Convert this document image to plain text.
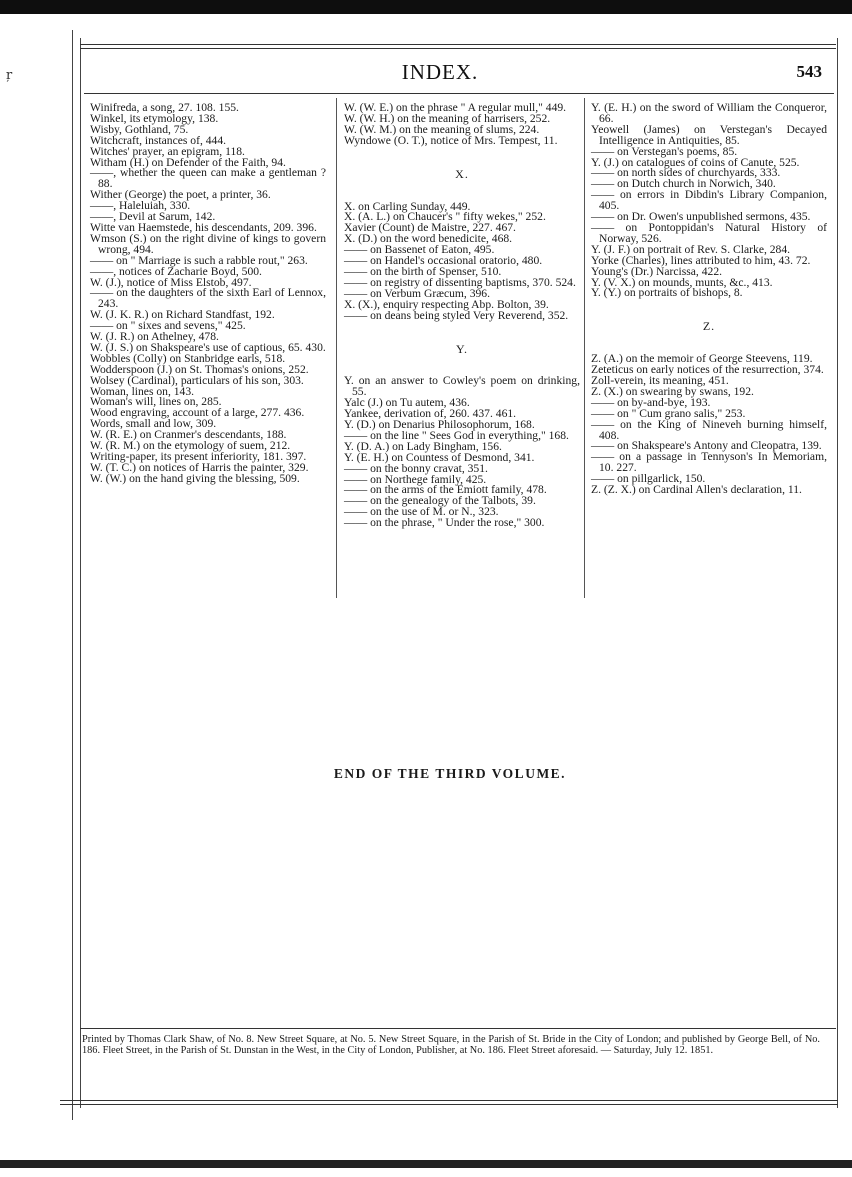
INDEX.	543

Winifreda, a song, 27. 108. 155.

Winkel, its etymology, 138.

Wisby, Gothland, 75.

Witchcraft, instances of, 444.

Witches' prayer, an epigram, 118.

Witham (H.) on Defender of the Faith, 94.

——, whether the queen can make a gentleman ? 88.

Wither (George) the poet, a printer, 36.

——, Haleluiah, 330.

——, Devil at Sarum, 142.

Witte van Haemstede, his descendants, 209. 396.

Wmson (S.) on the right divine of kings to govern wrong, 494.

—— on " Marriage is such a rabble rout," 263.

——, notices of Zacharie Boyd, 500.

W. (J.), notice of Miss Elstob, 497.

—— on the daughters of the sixth Earl of Lennox, 243.

W. (J. K. R.) on Richard Standfast, 192.

—— on " sixes and sevens," 425.

W. (J. R.) on Athelney, 478.

W. (J. S.) on Shakspeare's use of captious, 65. 430.

Wobbles (Colly) on Stanbridge earls, 518.

Wodderspoon (J.) on St. Thomas's onions, 252.

Wolsey (Cardinal), particulars of his son, 303.

Woman, lines on, 143.

Woman's will, lines on, 285.

Wood engraving, account of a large, 277. 436.

Words, small and low, 309.

W. (R. E.) on Cranmer's descendants, 188.

W. (R. M.) on the etymology of suem, 212.

Writing-paper, its present inferiority, 181. 397.

W. (T. C.) on notices of Harris the painter, 329.

W. (W.) on the hand giving the blessing, 509.

W. (W. E.) on the phrase " A regular mull," 449.

W. (W. H.) on the meaning of harrisers, 252.

W. (W. M.) on the meaning of slums, 224.

Wyndowe (O. T.), notice of Mrs. Tempest, 11.

X.

X. on Carling Sunday, 449.

X. (A. L.) on Chaucer's " fifty wekes," 252.

Xavier (Count) de Maistre, 227. 467.

X. (D.) on the word benedicite, 468.

—— on Bassenet of Eaton, 495.

—— on Handel's occasional oratorio, 480.

—— on the birth of Spenser, 510.

—— on registry of dissenting baptisms, 370. 524.

—— on Verbum Græcum, 396.

X. (X.), enquiry respecting Abp. Bolton, 39.

—— on deans being styled Very Reverend, 352.

Y.

Y. on an answer to Cowley's poem on drinking, 55.

Yalc (J.) on Tu autem, 436.

Yankee, derivation of, 260. 437. 461.

Y. (D.) on Denarius Philosophorum, 168.

—— on the line " Sees God in everything," 168.

Y. (D. A.) on Lady Bingham, 156.

Y. (E. H.) on Countess of Desmond, 341.

—— on the bonny cravat, 351.

—— on Northege family, 425.

—— on the arms of the Emiott family, 478.

—— on the genealogy of the Talbots, 39.

—— on the use of M. or N., 323.

—— on the phrase, " Under the rose," 300.

Y. (E. H.) on the sword of William the Conqueror, 66.

Yeowell (James) on Verstegan's Decayed Intelligence in Antiquities, 85.

—— on Verstegan's poems, 85.

Y. (J.) on catalogues of coins of Canute, 525.

—— on north sides of churchyards, 333.

—— on Dutch church in Norwich, 340.

—— on errors in Dibdin's Library Companion, 405.

—— on Dr. Owen's unpublished sermons, 435.

—— on Pontoppidan's Natural History of Norway, 526.

Y. (J. F.) on portrait of Rev. S. Clarke, 284.

Yorke (Charles), lines attributed to him, 43. 72.

Young's (Dr.) Narcissa, 422.

Y. (V. X.) on mounds, munts, &c., 413.

Y. (Y.) on portraits of bishops, 8.

Z.

Z. (A.) on the memoir of George Steevens, 119.

Zeteticus on early notices of the resurrection, 374.

Zoll-verein, its meaning, 451.

Z. (X.) on swearing by swans, 192.

—— on by-and-bye, 193.

—— on " Cum grano salis," 253.

—— on the King of Nineveh burning himself, 408.

—— on Shakspeare's Antony and Cleopatra, 139.

—— on a passage in Tennyson's In Memoriam, 10. 227.

—— on pillgarlick, 150.

Z. (Z. X.) on Cardinal Allen's declaration, 11.

END OF THE THIRD VOLUME.
Printed by Thomas Clark Shaw, of No. 8. New Street Square, at No. 5. New Street Square, in the Parish of St. Bride in the City of London; and published by George Bell, of No. 186. Fleet Street, in the Parish of St. Dunstan in the West, in the City of London, Publisher, at No. 186. Fleet Street aforesaid. — Saturday, July 12. 1851.
ŗ
